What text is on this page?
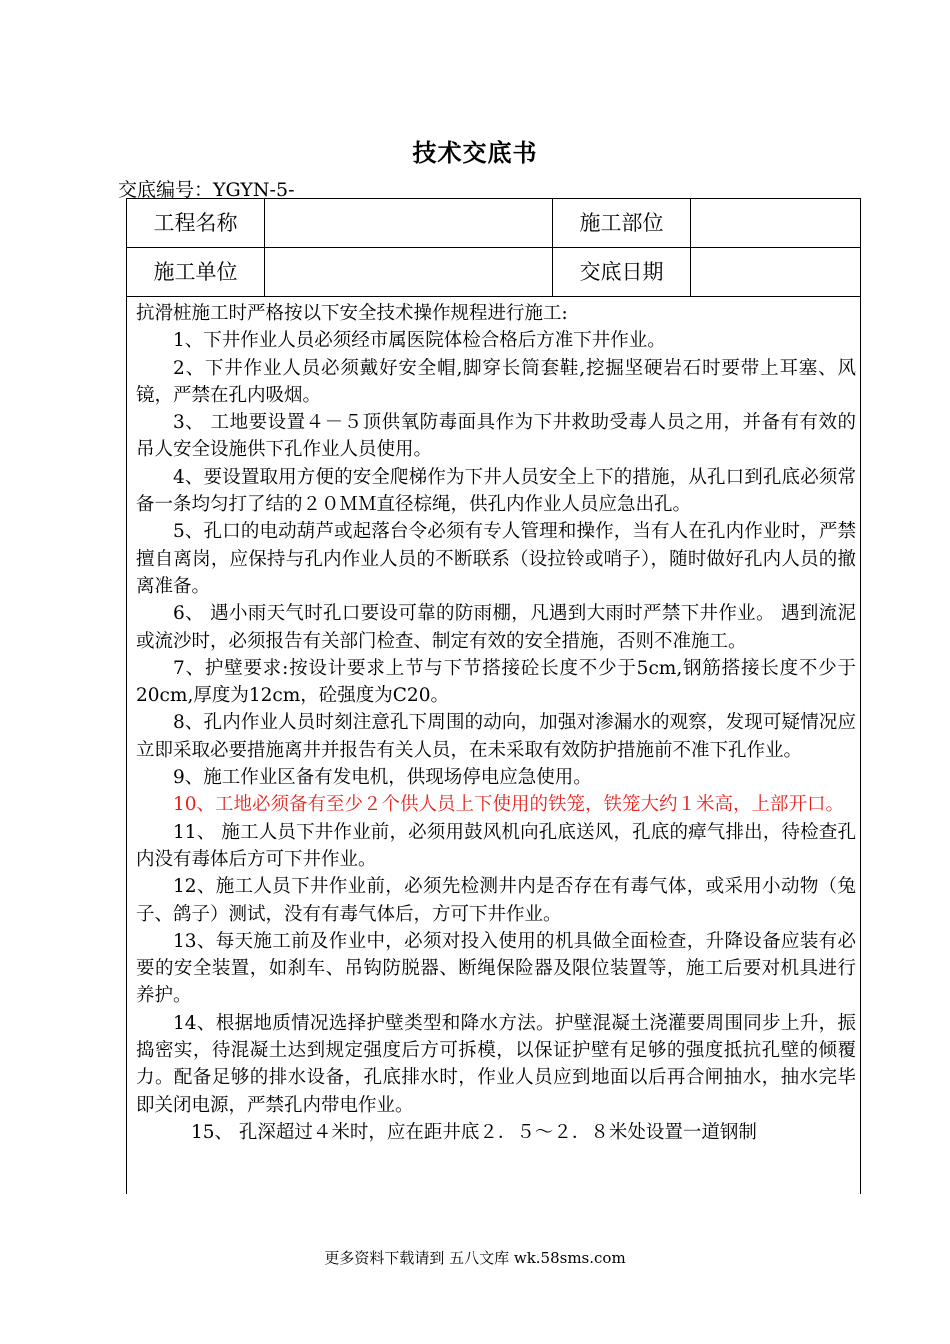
技术交底书
交底编号：YGYN-5-
工程名称	施工部位
施工单位	交底日期

抗滑桩施工时严格按以下安全技术操作规程进行施工:

1、下井作业人员必须经市属医院体检合格后方准下井作业。

2、下井作业人员必须戴好安全帽,脚穿长筒套鞋,挖掘坚硬岩石时要带上耳塞、风镜，严禁在孔内吸烟。

3、 工地要设置４－５顶供氧防毒面具作为下井救助受毒人员之用，并备有有效的吊人安全设施供下孔作业人员使用。

4、要设置取用方便的安全爬梯作为下井人员安全上下的措施，从孔口到孔底必须常备一条均匀打了结的２０ＭＭ直径棕绳，供孔内作业人员应急出孔。

5、孔口的电动葫芦或起落台令必须有专人管理和操作，当有人在孔内作业时，严禁擅自离岗，应保持与孔内作业人员的不断联系（设拉铃或哨子），随时做好孔内人员的撤离准备。

6、 遇小雨天气时孔口要设可靠的防雨棚，凡遇到大雨时严禁下井作业。 遇到流泥或流沙时，必须报告有关部门检查、制定有效的安全措施，否则不准施工。

7、护壁要求:按设计要求上节与下节搭接砼长度不少于5cm,钢筋搭接长度不少于20cm,厚度为12cm，砼强度为C20。

8、孔内作业人员时刻注意孔下周围的动向，加强对渗漏水的观察，发现可疑情况应立即采取必要措施离井并报告有关人员，在未采取有效防护措施前不准下孔作业。

9、施工作业区备有发电机，供现场停电应急使用。

10、工地必须备有至少２个供人员上下使用的铁笼，铁笼大约１米高，上部开口。

11、 施工人员下井作业前，必须用鼓风机向孔底送风，孔底的瘴气排出，待检查孔内没有毒体后方可下井作业。

12、施工人员下井作业前，必须先检测井内是否存在有毒气体，或采用小动物（兔子、鸽子）测试，没有有毒气体后，方可下井作业。

13、每天施工前及作业中，必须对投入使用的机具做全面检查，升降设备应装有必要的安全装置，如刹车、吊钩防脱器、断绳保险器及限位装置等，施工后要对机具进行养护。

14、根据地质情况选择护壁类型和降水方法。护壁混凝土浇灌要周围同步上升，振捣密实，待混凝土达到规定强度后方可拆模，以保证护壁有足够的强度抵抗孔壁的倾覆力。配备足够的排水设备，孔底排水时，作业人员应到地面以后再合闸抽水，抽水完毕即关闭电源，严禁孔内带电作业。

15、 孔深超过４米时，应在距井底２．５～２．８米处设置一道钢制

更多资料下载请到 五八文库 wk.58sms.com
